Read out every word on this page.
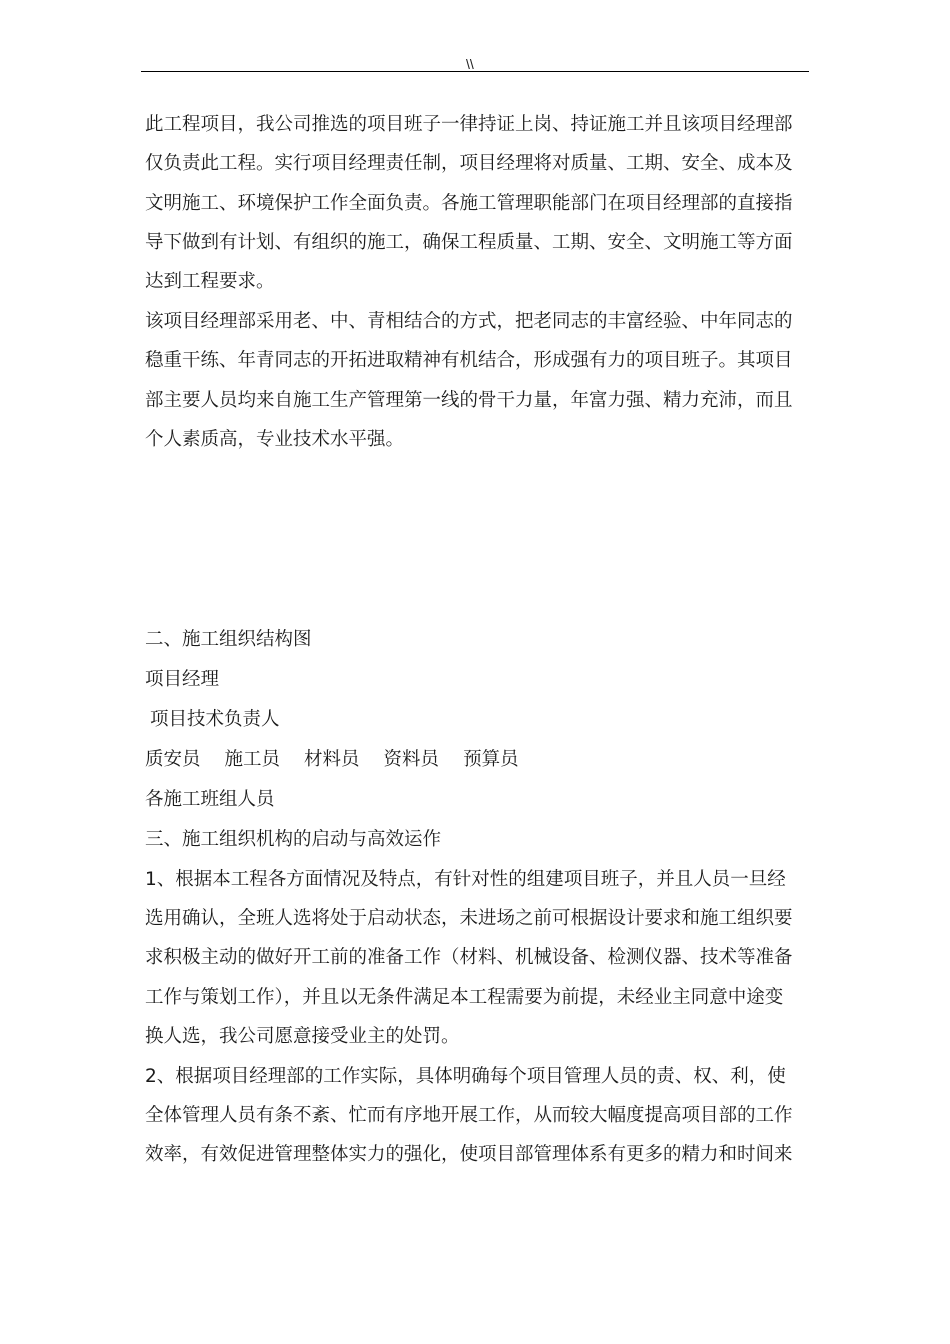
\\
此工程项目，我公司推选的项目班子一律持证上岗、持证施工并且该项目经理部
仅负责此工程。实行项目经理责任制，项目经理将对质量、工期、安全、成本及
文明施工、环境保护工作全面负责。各施工管理职能部门在项目经理部的直接指
导下做到有计划、有组织的施工，确保工程质量、工期、安全、文明施工等方面
达到工程要求。
该项目经理部采用老、中、青相结合的方式，把老同志的丰富经验、中年同志的
稳重干练、年青同志的开拓进取精神有机结合，形成强有力的项目班子。其项目
部主要人员均来自施工生产管理第一线的骨干力量，年富力强、精力充沛，而且
个人素质高，专业技术水平强。
二、施工组织结构图
项目经理
项目技术负责人
质安员 施工员 材料员 资料员 预算员
各施工班组人员
三、施工组织机构的启动与高效运作
1、根据本工程各方面情况及特点，有针对性的组建项目班子，并且人员一旦经
选用确认，全班人选将处于启动状态，未进场之前可根据设计要求和施工组织要
求积极主动的做好开工前的准备工作（材料、机械设备、检测仪器、技术等准备
工作与策划工作），并且以无条件满足本工程需要为前提，未经业主同意中途变
换人选，我公司愿意接受业主的处罚。
2、根据项目经理部的工作实际，具体明确每个项目管理人员的责、权、利，使
全体管理人员有条不紊、忙而有序地开展工作，从而较大幅度提高项目部的工作
效率，有效促进管理整体实力的强化，使项目部管理体系有更多的精力和时间来
